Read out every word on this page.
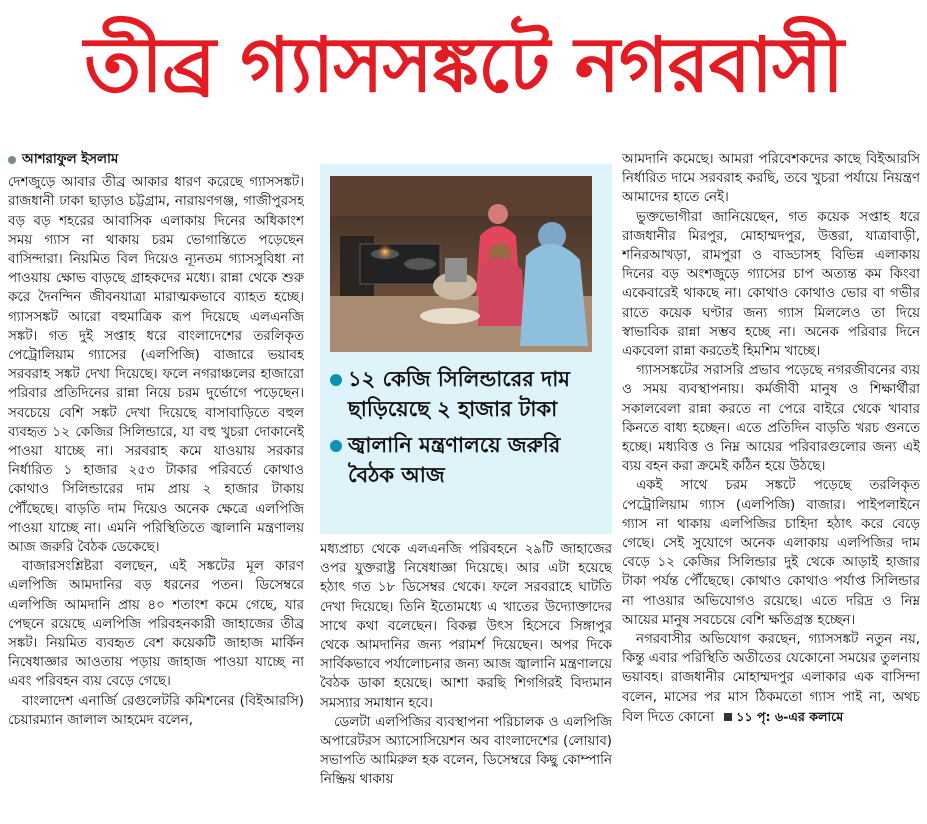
তীব্র গ্যাসসঙ্কটে নগরবাসী
আশরাফুল ইসলাম

দেশজুড়ে আবার তীব্র আকার ধারণ করেছে গ্যাসসঙ্কট। রাজধানী ঢাকা ছাড়াও চট্টগ্রাম, নারায়ণগঞ্জ, গাজীপুরসহ বড় বড় শহরের আবাসিক এলাকায় দিনের অধিকাংশ সময় গ্যাস না থাকায় চরম ভোগান্তিতে পড়েছেন বাসিন্দারা। নিয়মিত বিল দিয়েও ন্যূনতম গ্যাসসুবিধা না পাওয়ায় ক্ষোভ বাড়ছে গ্রাহকদের মধ্যে। রান্না থেকে শুরু করে দৈনন্দিন জীবনযাত্রা মারাত্মকভাবে ব্যাহত হচ্ছে। গ্যাসসঙ্কট আরো বহুমাত্রিক রূপ দিয়েছে এলএনজি সঙ্কট। গত দুই সপ্তাহ ধরে বাংলাদেশের তরলিকৃত পেট্রোলিয়াম গ্যাসের (এলপিজি) বাজারে ভয়াবহ সরবরাহ সঙ্কট দেখা দিয়েছে। ফলে নগরাঞ্চলের হাজারো পরিবার প্রতিদিনের রান্না নিয়ে চরম দুর্ভোগে পড়েছেন। সবচেয়ে বেশি সঙ্কট দেখা দিয়েছে বাসাবাড়িতে বহুল ব্যবহৃত ১২ কেজির সিলিন্ডারে, যা বহু খুচরা দোকানেই পাওয়া যাচ্ছে না। সরবরাহ কমে যাওয়ায় সরকার নির্ধারিত ১ হাজার ২৫৩ টাকার পরিবর্তে কোথাও কোথাও সিলিন্ডারের দাম প্রায় ২ হাজার টাকায় পৌঁছেছে। বাড়তি দাম দিয়েও অনেক ক্ষেত্রে এলপিজি পাওয়া যাচ্ছে না। এমনি পরিস্থিতিতে জ্বালানি মন্ত্রণালয় আজ জরুরি বৈঠক ডেকেছে।

বাজারসংশ্লিষ্টরা বলছেন, এই সঙ্কটের মূল কারণ এলপিজি আমদানির বড় ধরনের পতন। ডিসেম্বরে এলপিজি আমদানি প্রায় ৪০ শতাংশ কমে গেছে, যার পেছনে রয়েছে এলপিজি পরিবহনকারী জাহাজের তীব্র সঙ্কট। নিয়মিত ব্যবহৃত বেশ কয়েকটি জাহাজ মার্কিন নিষেধাজ্ঞার আওতায় পড়ায় জাহাজ পাওয়া যাচ্ছে না এবং পরিবহন ব্যয় বেড়ে গেছে।

বাংলাদেশ এনার্জি রেগুলেটরি কমিশনের (বিইআরসি) চেয়ারম্যান জালাল আহমেদ বলেন,

১২ কেজি সিলিন্ডারের দাম ছাড়িয়েছে ২ হাজার টাকা
জ্বালানি মন্ত্রণালয়ে জরুরি বৈঠক আজ

মধ্যপ্রাচ্য থেকে এলএনজি পরিবহনে ২৯টি জাহাজের ওপর যুক্তরাষ্ট্র নিষেধাজ্ঞা দিয়েছে। আর এটা হয়েছে হঠাৎ গত ১৮ ডিসেম্বর থেকে। ফলে সরবরাহে ঘাটতি দেখা দিয়েছে। তিনি ইতোমধ্যে এ খাতের উদ্যোক্তাদের সাথে কথা বলেছেন। বিকল্প উৎস হিসেবে সিঙ্গাপুর থেকে আমদানির জন্য পরামর্শ দিয়েছেন। অপর দিকে সার্বিকভাবে পর্যালোচনার জন্য আজ জ্বালানি মন্ত্রণালয়ে বৈঠক ডাকা হয়েছে। আশা করছি শিগগিরই বিদ্যমান সমস্যার সমাধান হবে।

ডেলটা এলপিজির ব্যবস্থাপনা পরিচালক ও এলপিজি অপারেটরস অ্যাসোসিয়েশন অব বাংলাদেশের (লোয়াব) সভাপতি আমিরুল হক বলেন, ডিসেম্বরে কিছু কোম্পানি নিষ্ক্রিয় থাকায়

আমদানি কমেছে। আমরা পরিবেশকদের কাছে বিইআরসি নির্ধারিত দামে সরবরাহ করছি, তবে খুচরা পর্যায়ে নিয়ন্ত্রণ আমাদের হাতে নেই।

ভুক্তভোগীরা জানিয়েছেন, গত কয়েক সপ্তাহ ধরে রাজধানীর মিরপুর, মোহাম্মদপুর, উত্তরা, যাত্রাবাড়ী, শনিরআখড়া, রামপুরা ও বাড্ডাসহ বিভিন্ন এলাকায় দিনের বড় অংশজুড়ে গ্যাসের চাপ অত্যন্ত কম কিংবা একেবারেই থাকছে না। কোথাও কোথাও ভোর বা গভীর রাতে কয়েক ঘণ্টার জন্য গ্যাস মিললেও তা দিয়ে স্বাভাবিক রান্না সম্ভব হচ্ছে না। অনেক পরিবার দিনে একবেলা রান্না করতেই হিমশিম খাচ্ছে।

গ্যাসসঙ্কটের সরাসরি প্রভাব পড়েছে নগরজীবনের ব্যয় ও সময় ব্যবস্থাপনায়। কর্মজীবী মানুষ ও শিক্ষার্থীরা সকালবেলা রান্না করতে না পেরে বাইরে থেকে খাবার কিনতে বাধ্য হচ্ছেন। এতে প্রতিদিন বাড়তি খরচ গুনতে হচ্ছে। মধ্যবিত্ত ও নিম্ন আয়ের পরিবারগুলোর জন্য এই ব্যয় বহন করা ক্রমেই কঠিন হয়ে উঠছে।

একই সাথে চরম সঙ্কটে পড়েছে তরলিকৃত পেট্রোলিয়াম গ্যাস (এলপিজি) বাজার। পাইপলাইনে গ্যাস না থাকায় এলপিজির চাহিদা হঠাৎ করে বেড়ে গেছে। সেই সুযোগে অনেক এলাকায় এলপিজির দাম বেড়ে ১২ কেজির সিলিন্ডার দুই থেকে আড়াই হাজার টাকা পর্যন্ত পৌঁছেছে। কোথাও কোথাও পর্যাপ্ত সিলিন্ডার না পাওয়ার অভিযোগও রয়েছে। এতে দরিদ্র ও নিম্ন আয়ের মানুষ সবচেয়ে বেশি ক্ষতিগ্রস্ত হচ্ছেন।

নগরবাসীর অভিযোগ করছেন, গ্যাসসঙ্কট নতুন নয়, কিন্তু এবার পরিস্থিতি অতীতের যেকোনো সময়ের তুলনায় ভয়াবহ। রাজধানীর মোহাম্মদপুর এলাকার এক বাসিন্দা বলেন, মাসের পর মাস ঠিকমতো গ্যাস পাই না, অথচ বিল দিতে কোনো ১১ পৃ: ৬-এর কলামে
